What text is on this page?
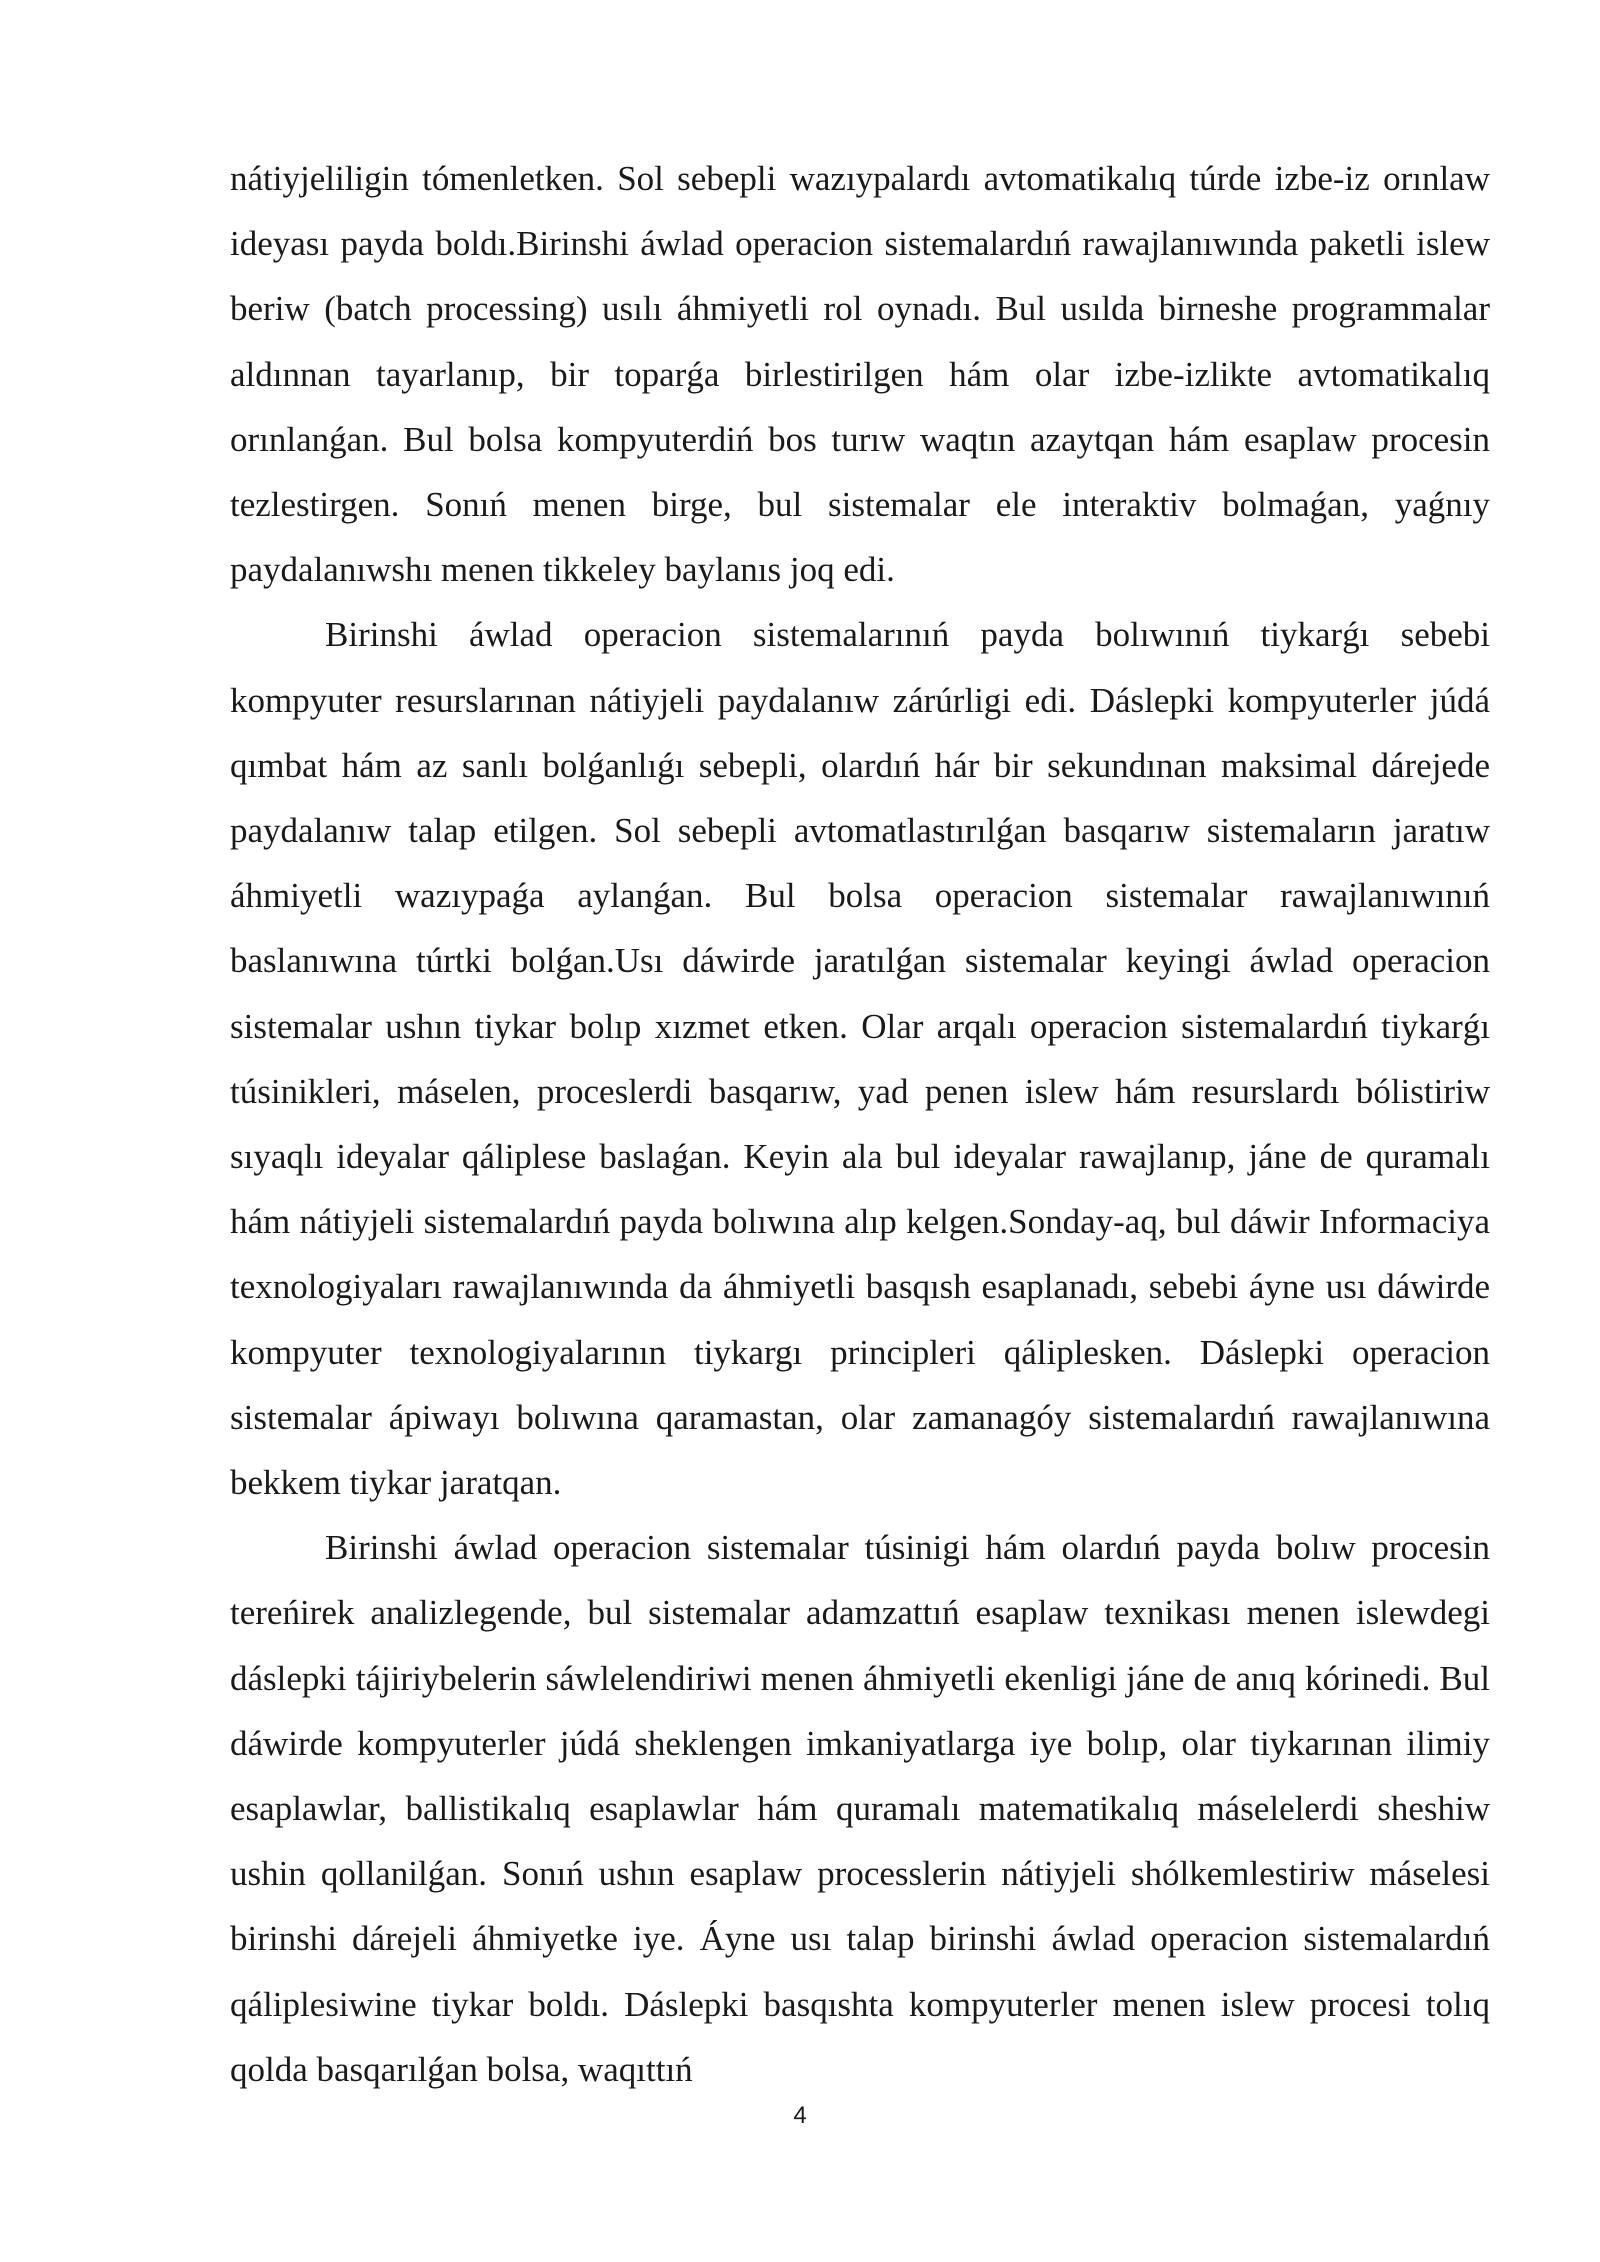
nátiyjeliligin tómenletken. Sol sebepli wazıypalardı avtomatikalıq túrde izbe-iz orınlaw ideyası payda boldı.Birinshi áwlad operacion sistemalardıń rawajlanıwında paketli islew beriw (batch processing) usılı áhmiyetli rol oynadı. Bul usılda birneshe programmalar aldınnan tayarlanıp, bir toparǵa birlestirilgen hám olar izbe-izlikte avtomatikalıq orınlanǵan. Bul bolsa kompyuterdiń bos turıw waqtın azaytqan hám esaplaw procesin tezlestirgen. Sonıń menen birge, bul sistemalar ele interaktiv bolmaǵan, yaǵnıy paydalanıwshı menen tikkeley baylanıs joq edi.

Birinshi áwlad operacion sistemalarınıń payda bolıwınıń tiykarǵı sebebi kompyuter resurslarınan nátiyjeli paydalanıw zárúrligi edi. Dáslepki kompyuterler júdá qımbat hám az sanlı bolǵanlıǵı sebepli, olardıń hár bir sekundınan maksimal dárejede paydalanıw talap etilgen. Sol sebepli avtomatlastırılǵan basqarıw sistemaların jaratıw áhmiyetli wazıypaǵa aylanǵan. Bul bolsa operacion sistemalar rawajlanıwınıń baslanıwına túrtki bolǵan.Usı dáwirde jaratılǵan sistemalar keyingi áwlad operacion sistemalar ushın tiykar bolıp xızmet etken. Olar arqalı operacion sistemalardıń tiykarǵı túsinikleri, máselen, proceslerdi basqarıw, yad penen islew hám resurslardı bólistiriw sıyaqlı ideyalar qáliplese baslaǵan. Keyin ala bul ideyalar rawajlanıp, jáne de quramalı hám nátiyjeli sistemalardıń payda bolıwına alıp kelgen.Sonday-aq, bul dáwir Informaciya texnologiyaları rawajlanıwında da áhmiyetli basqısh esaplanadı, sebebi áyne usı dáwirde kompyuter texnologiyalarının tiykargı principleri qáliplesken. Dáslepki operacion sistemalar ápiwayı bolıwına qaramastan, olar zamanagóy sistemalardıń rawajlanıwına bekkem tiykar jaratqan.

Birinshi áwlad operacion sistemalar túsinigi hám olardıń payda bolıw procesin tereńirek analizlegende, bul sistemalar adamzattıń esaplaw texnikası menen islewdegi dáslepki tájiriybelerin sáwlelendiriwi menen áhmiyetli ekenligi jáne de anıq kórinedi. Bul dáwirde kompyuterler júdá sheklengen imkaniyatlarga iye bolıp, olar tiykarınan ilimiy esaplawlar, ballistikalıq esaplawlar hám quramalı matematikalıq máselelerdi sheshiw ushin qollanilǵan. Sonıń ushın esaplaw processlerin nátiyjeli shólkemlestiriw máselesi birinshi dárejeli áhmiyetke iye. Áyne usı talap birinshi áwlad operacion sistemalardıń qáliplesiwine tiykar boldı. Dáslepki basqıshta kompyuterler menen islew procesi tolıq qolda basqarılǵan bolsa, waqıttıń

4
